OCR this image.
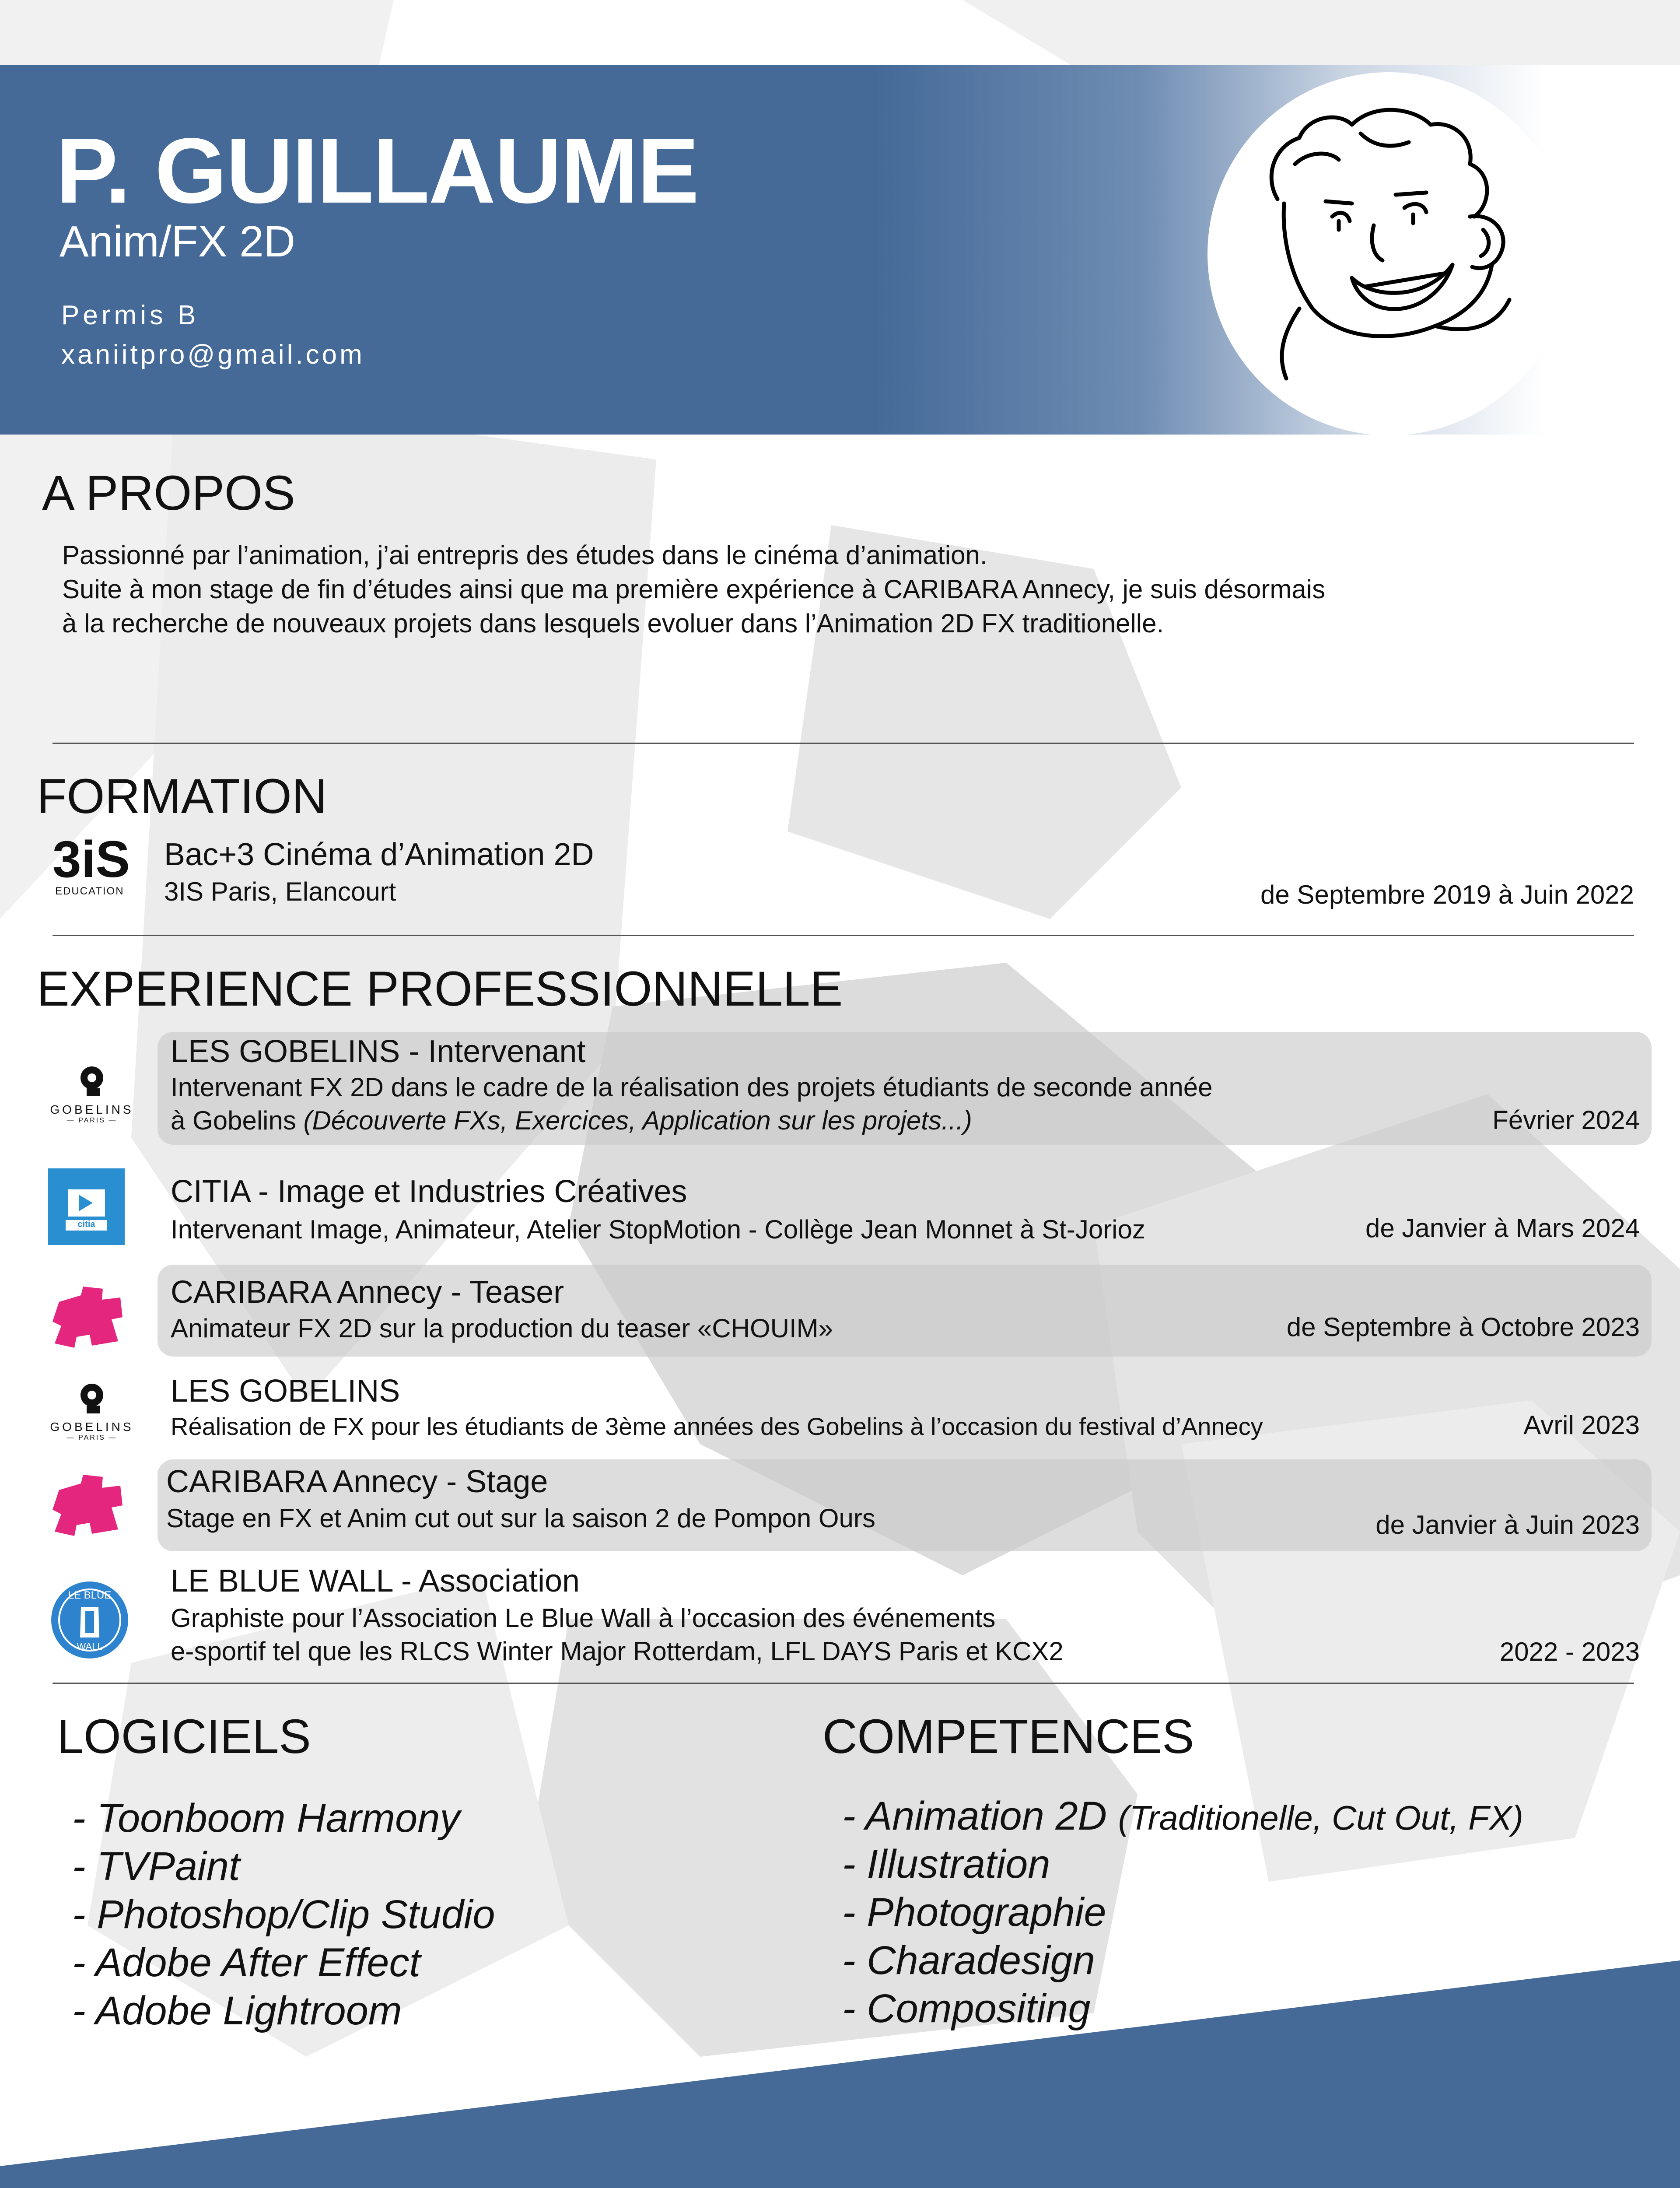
P. GUILLAUME
Anim/FX 2D
Permis B
xaniitpro@gmail.com
A PROPOS
Passionné par l’animation, j’ai entrepris des études dans le cinéma d’animation.
Suite à mon stage de fin d’études ainsi que ma première expérience à CARIBARA Annecy, je suis désormais
à la recherche de nouveaux projets dans lesquels evoluer dans l’Animation 2D FX traditionelle.
FORMATION
3iS
EDUCATION
Bac+3 Cinéma d’Animation 2D
3IS Paris, Elancourt	de Septembre 2019 à Juin 2022
EXPERIENCE PROFESSIONNELLE
GOBELINS
— PARIS —
LES GOBELINS - Intervenant
Intervenant FX 2D dans le cadre de la réalisation des projets étudiants de seconde année
à Gobelins (Découverte FXs, Exercices, Application sur les projets...)	Février 2024
citia
CITIA - Image et Industries Créatives
Intervenant Image, Animateur, Atelier StopMotion - Collège Jean Monnet à St-Jorioz	de Janvier à Mars 2024
CARIBARA Annecy - Teaser
Animateur FX 2D sur la production du teaser «CHOUIM»	de Septembre à Octobre 2023
GOBELINS
— PARIS —
LES GOBELINS
Réalisation de FX pour les étudiants de 3ème années des Gobelins à l’occasion du festival d’Annecy	Avril 2023
CARIBARA Annecy - Stage
Stage en FX et Anim cut out sur la saison 2 de Pompon Ours	de Janvier à Juin 2023
LE BLUE
WALL
LE BLUE WALL - Association
Graphiste pour l’Association Le Blue Wall à l’occasion des événements
e-sportif tel que les RLCS Winter Major Rotterdam, LFL DAYS Paris et KCX2	2022 - 2023
LOGICIELS
- Toonboom Harmony
- TVPaint
- Photoshop/Clip Studio
- Adobe After Effect
- Adobe Lightroom
COMPETENCES
- Animation 2D (Traditionelle, Cut Out, FX)
- Illustration
- Photographie
- Charadesign
- Compositing
